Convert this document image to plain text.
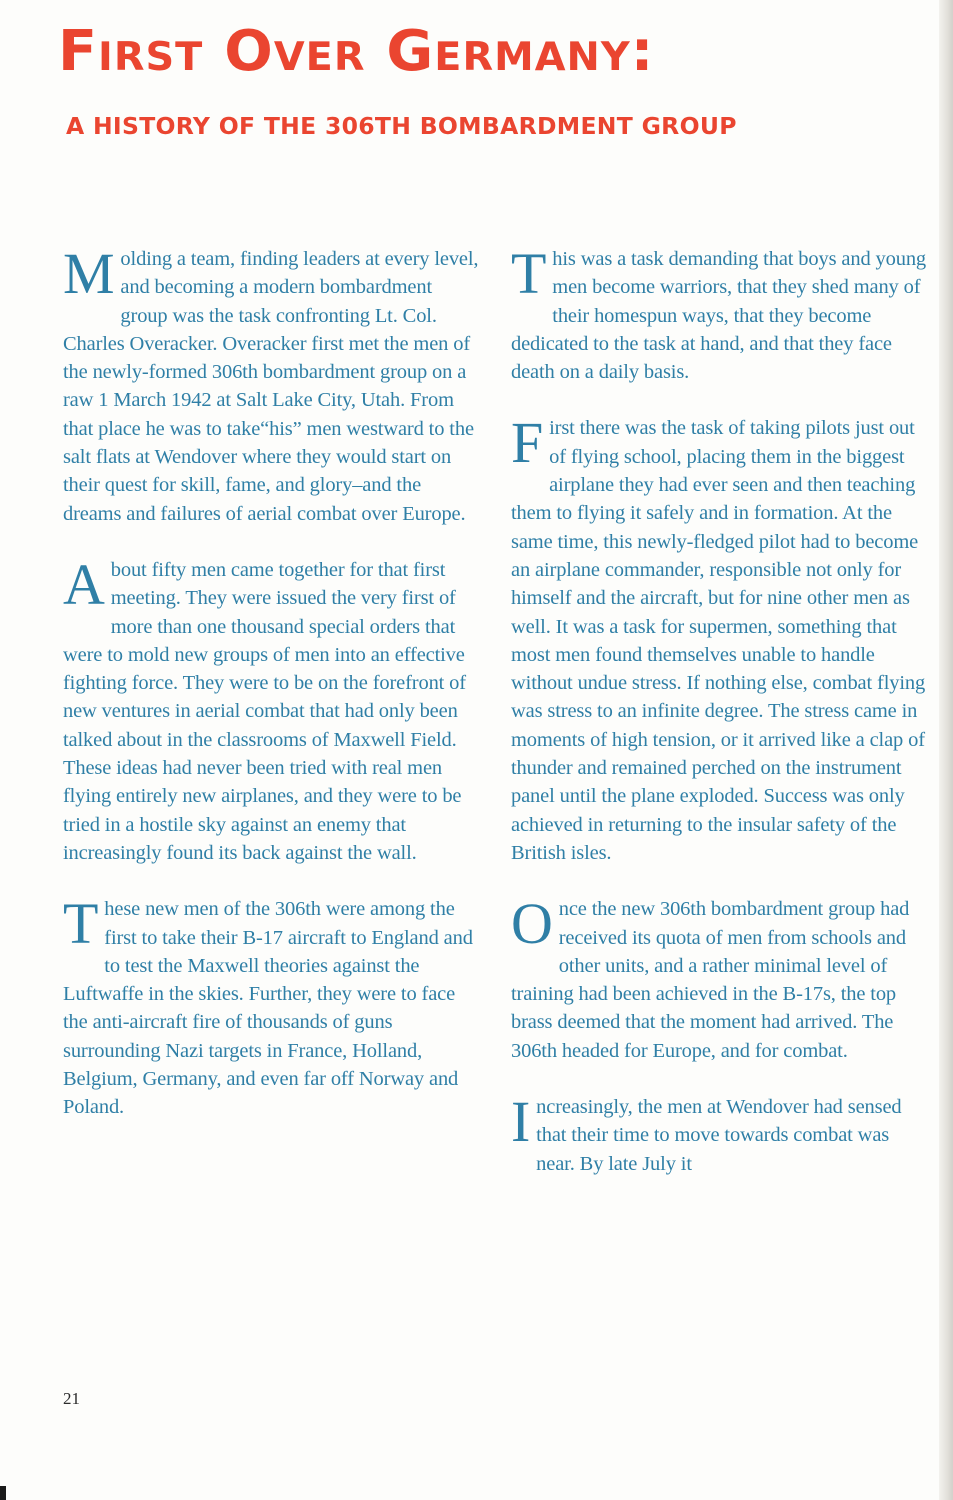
First Over Germany:
A HISTORY OF THE 306TH BOMBARDMENT GROUP

Molding a team, finding leaders at every level, and becoming a modern bombardment group was the task confronting Lt. Col. Charles Overacker. Overacker first met the men of the newly-formed 306th bombardment group on a raw 1 March 1942 at Salt Lake City, Utah. From that place he was to take“his” men westward to the salt flats at Wendover where they would start on their quest for skill, fame, and glory–and the dreams and failures of aerial combat over Europe.

About fifty men came together for that first meeting. They were issued the very first of more than one thousand special orders that were to mold new groups of men into an effective fighting force. They were to be on the forefront of new ventures in aerial combat that had only been talked about in the classrooms of Maxwell Field. These ideas had never been tried with real men flying entirely new airplanes, and they were to be tried in a hostile sky against an enemy that increasingly found its back against the wall.

These new men of the 306th were among the first to take their B-17 aircraft to England and to test the Maxwell theories against the Luftwaffe in the skies. Further, they were to face the anti-aircraft fire of thousands of guns surrounding Nazi targets in France, Holland, Belgium, Germany, and even far off Norway and Poland.

This was a task demanding that boys and young men become warriors, that they shed many of their homespun ways, that they become dedicated to the task at hand, and that they face death on a daily basis.

First there was the task of taking pilots just out of flying school, placing them in the biggest airplane they had ever seen and then teaching them to flying it safely and in formation. At the same time, this newly-fledged pilot had to become an airplane commander, responsible not only for himself and the aircraft, but for nine other men as well. It was a task for supermen, something that most men found themselves unable to handle without undue stress. If nothing else, combat flying was stress to an infinite degree. The stress came in moments of high tension, or it arrived like a clap of thunder and remained perched on the instrument panel until the plane exploded. Success was only achieved in returning to the insular safety of the British isles.

Once the new 306th bombardment group had received its quota of men from schools and other units, and a rather minimal level of training had been achieved in the B-17s, the top brass deemed that the moment had arrived. The 306th headed for Europe, and for combat.

Increasingly, the men at Wendover had sensed that their time to move towards combat was near. By late July it

21
